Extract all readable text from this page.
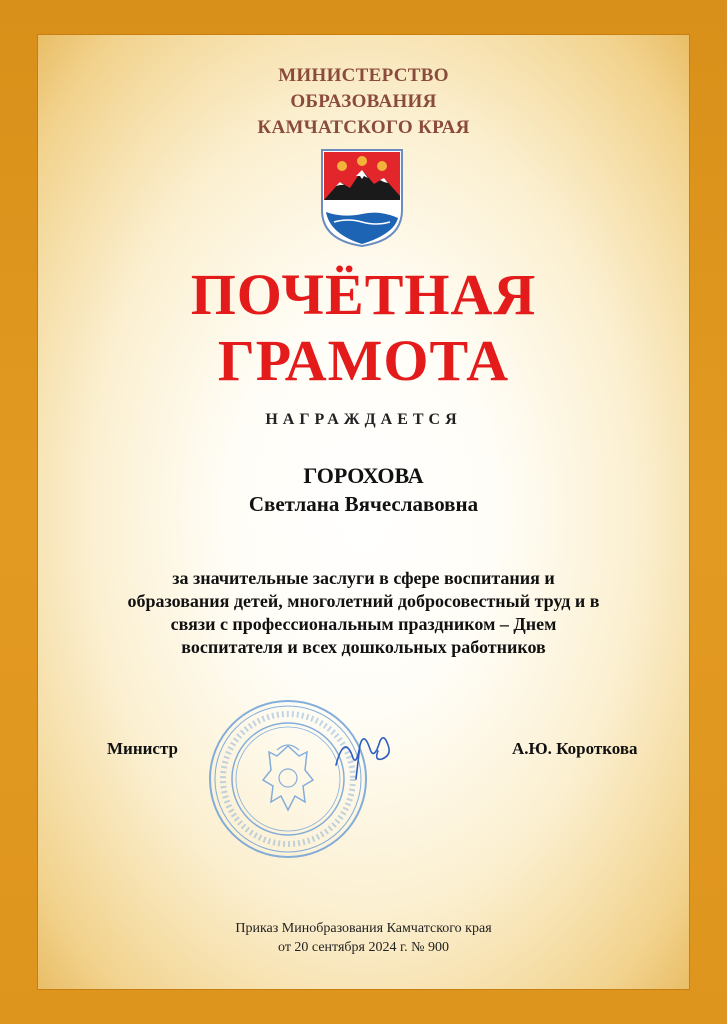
МИНИСТЕРСТВО
ОБРАЗОВАНИЯ
КАМЧАТСКОГО КРАЯ
ПОЧЁТНАЯ
ГРАМОТА
НАГРАЖДАЕТСЯ
ГОРОХОВА
Светлана Вячеславовна
за значительные заслуги в сфере воспитания и
образования детей, многолетний добросовестный труд и в
связи с профессиональным праздником – Днем
воспитателя и всех дошкольных работников
Министр	А.Ю. Короткова
Приказ Минобразования Камчатского края
от 20 сентября 2024 г. № 900
